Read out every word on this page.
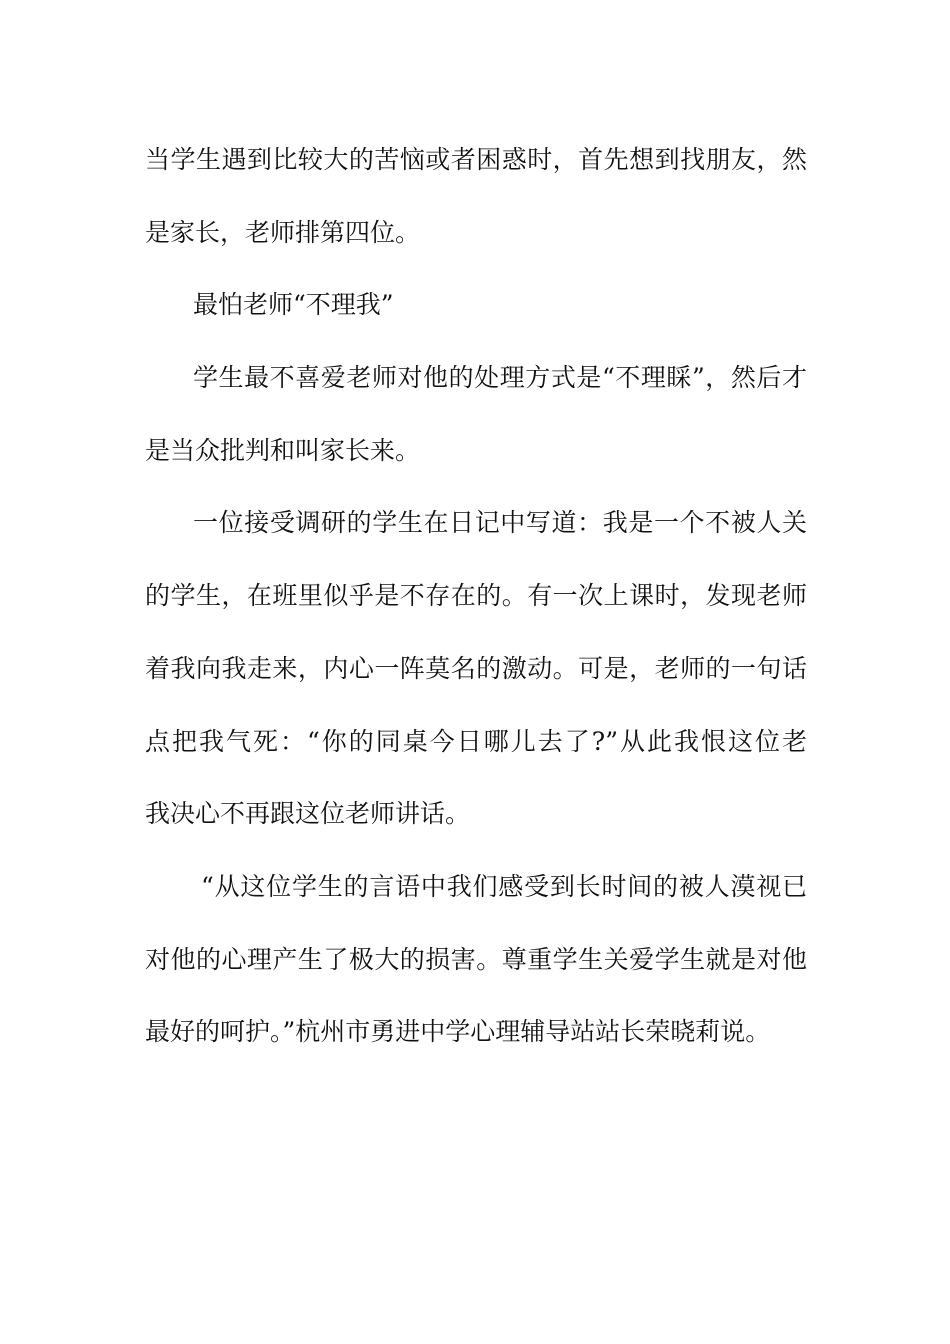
当学生遇到比较大的苦恼或者困惑时，首先想到找朋友，然
是家长，老师排第四位。
最怕老师“不理我”
学生最不喜爱老师对他的处理方式是“不理睬”，然后才
是当众批判和叫家长来。
一位接受调研的学生在日记中写道：我是一个不被人关
的学生，在班里似乎是不存在的。有一次上课时，发现老师
着我向我走来，内心一阵莫名的激动。可是，老师的一句话
点把我气死：“你的同桌今日哪儿去了?”从此我恨这位老
我决心不再跟这位老师讲话。
“从这位学生的言语中我们感受到长时间的被人漠视已
对他的心理产生了极大的损害。尊重学生关爱学生就是对他
最好的呵护。”杭州市勇进中学心理辅导站站长荣晓莉说。
